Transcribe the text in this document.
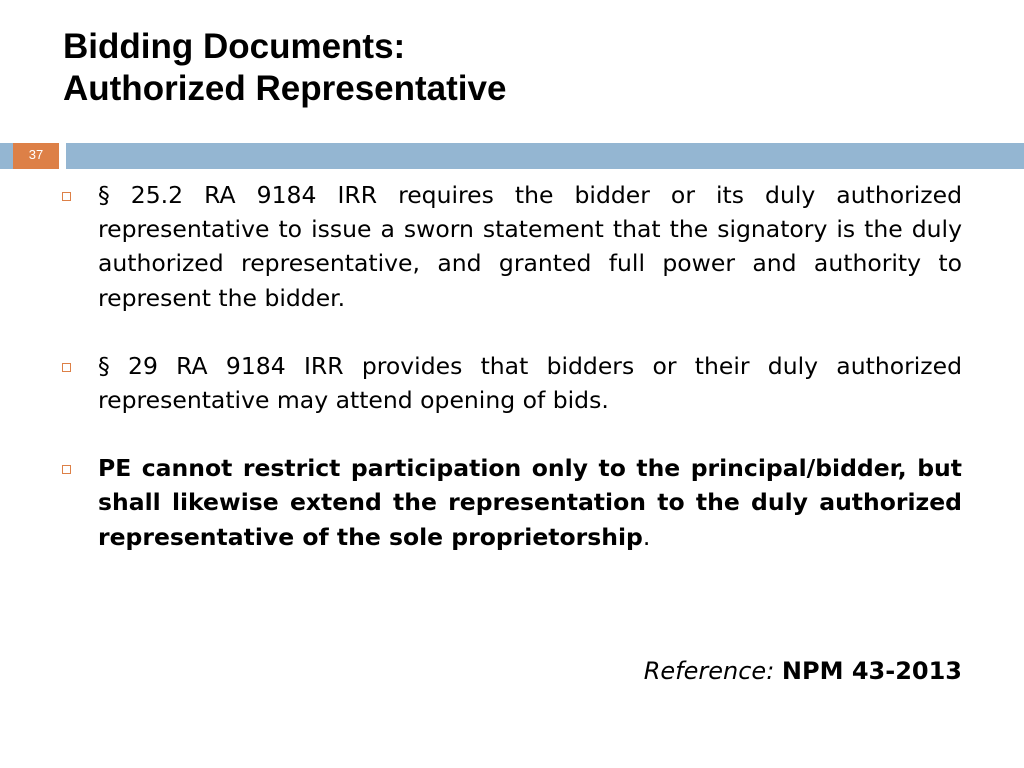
Bidding Documents:
Authorized Representative
37

§ 25.2 RA 9184 IRR requires the bidder or its duly authorized representative to issue a sworn statement that the signatory is the duly authorized representative, and granted full power and authority to represent the bidder.

§ 29 RA 9184 IRR provides that bidders or their duly authorized representative may attend opening of bids.

PE cannot restrict participation only to the principal/bidder, but shall likewise extend the representation to the duly authorized representative of the sole proprietorship.

Reference: NPM 43-2013
